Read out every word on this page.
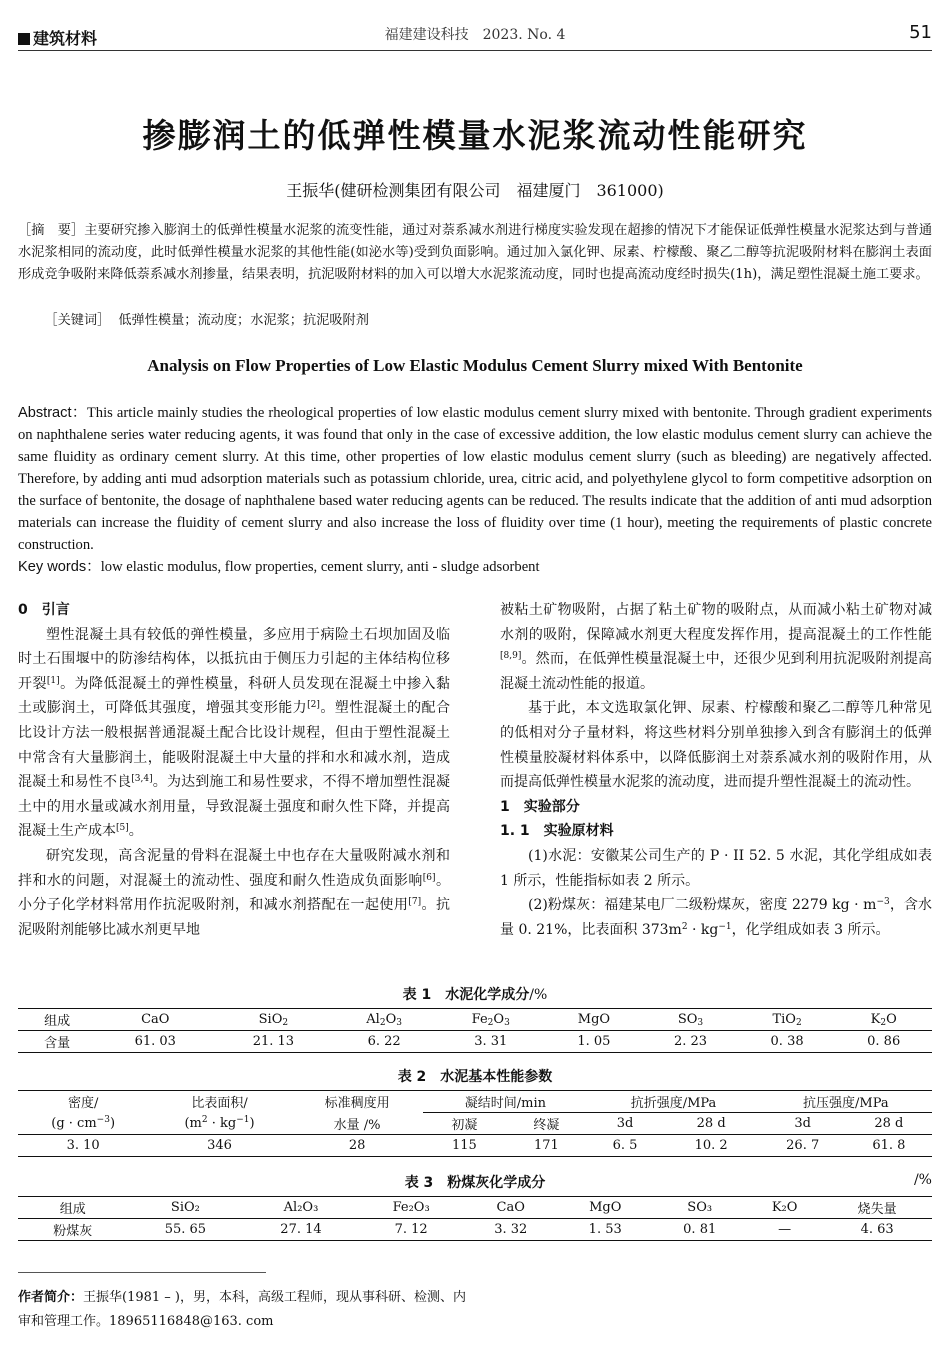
建筑材料	福建建设科技　2023. No. 4	51
掺膨润土的低弹性模量水泥浆流动性能研究
王振华(健研检测集团有限公司　福建厦门　361000)
［摘　要］主要研究掺入膨润土的低弹性模量水泥浆的流变性能，通过对萘系减水剂进行梯度实验发现在超掺的情况下才能保证低弹性模量水泥浆达到与普通水泥浆相同的流动度，此时低弹性模量水泥浆的其他性能(如泌水等)受到负面影响。通过加入氯化钾、尿素、柠檬酸、聚乙二醇等抗泥吸附材料在膨润土表面形成竞争吸附来降低萘系减水剂掺量，结果表明，抗泥吸附材料的加入可以增大水泥浆流动度，同时也提高流动度经时损失(1h)，满足塑性混凝土施工要求。
［关键词］ 低弹性模量；流动度；水泥浆；抗泥吸附剂
Analysis on Flow Properties of Low Elastic Modulus Cement Slurry mixed With Bentonite
Abstract：This article mainly studies the rheological properties of low elastic modulus cement slurry mixed with bentonite. Through gradient experiments on naphthalene series water reducing agents, it was found that only in the case of excessive addition, the low elastic modulus cement slurry can achieve the same fluidity as ordinary cement slurry. At this time, other properties of low elastic modulus cement slurry (such as bleeding) are negatively affected. Therefore, by adding anti mud adsorption materials such as potassium chloride, urea, citric acid, and polyethylene glycol to form competitive adsorption on the surface of bentonite, the dosage of naphthalene based water reducing agents can be reduced. The results indicate that the addition of anti mud adsorption materials can increase the fluidity of cement slurry and also increase the loss of fluidity over time (1 hour), meeting the requirements of plastic concrete construction.
Key words：low elastic modulus, flow properties, cement slurry, anti - sludge adsorbent
0　引言

塑性混凝土具有较低的弹性模量，多应用于病险土石坝加固及临时土石围堰中的防渗结构体，以抵抗由于侧压力引起的主体结构位移开裂[1]。为降低混凝土的弹性模量，科研人员发现在混凝土中掺入黏土或膨润土，可降低其强度，增强其变形能力[2]。塑性混凝土的配合比设计方法一般根据普通混凝土配合比设计规程，但由于塑性混凝土中常含有大量膨润土，能吸附混凝土中大量的拌和水和减水剂，造成混凝土和易性不良[3,4]。为达到施工和易性要求，不得不增加塑性混凝土中的用水量或减水剂用量，导致混凝土强度和耐久性下降，并提高混凝土生产成本[5]。

研究发现，高含泥量的骨料在混凝土中也存在大量吸附减水剂和拌和水的问题，对混凝土的流动性、强度和耐久性造成负面影响[6]。小分子化学材料常用作抗泥吸附剂，和减水剂搭配在一起使用[7]。抗泥吸附剂能够比减水剂更早地

被粘土矿物吸附，占据了粘土矿物的吸附点，从而减小粘土矿物对减水剂的吸附，保障减水剂更大程度发挥作用，提高混凝土的工作性能[8,9]。然而，在低弹性模量混凝土中，还很少见到利用抗泥吸附剂提高混凝土流动性能的报道。

基于此，本文选取氯化钾、尿素、柠檬酸和聚乙二醇等几种常见的低相对分子量材料，将这些材料分别单独掺入到含有膨润土的低弹性模量胶凝材料体系中，以降低膨润土对萘系减水剂的吸附作用，从而提高低弹性模量水泥浆的流动度，进而提升塑性混凝土的流动性。

1　实验部分
1. 1　实验原材料

(1)水泥：安徽某公司生产的 P · II 52. 5 水泥，其化学组成如表 1 所示，性能指标如表 2 所示。

(2)粉煤灰：福建某电厂二级粉煤灰，密度 2279 kg · $m^{-3}$，含水量 0. 21%，比表面积 $373m^2 \cdot kg^{-1}$，化学组成如表 3 所示。

表 1　水泥化学成分/%
组成	CaO	SiO$_2$	$Al_2O_3$	$Fe_2O_3$	MgO	$SO_3$	TiO$_2$	$K_2O$
含量	61. 03	21. 13	6. 22	3. 31	1. 05	2. 23	0. 38	0. 86
表 2　水泥基本性能参数
密度/	比表面积/	标准稠度用	凝结时间/min		抗折强度/MPa		抗压强度/MPa	
$(g \cdot cm^{-3})$	$(m^2 \cdot kg^{-1})$	水量 /%	初凝	终凝	3d	28 d	3d	28 d
3. 10	346	28	115	171	6. 5	10. 2	26. 7	61. 8
表 3　粉煤灰化学成分	/%
组成	SiO₂	Al₂O₃	Fe₂O₃	CaO	MgO	SO₃	K₂O	烧失量
粉煤灰	55. 65	27. 14	7. 12	3. 32	1. 53	0. 81	—	4. 63
作者简介：王振华(1981 – )，男，本科，高级工程师，现从事科研、检测、内审和管理工作。18965116848@163. com
